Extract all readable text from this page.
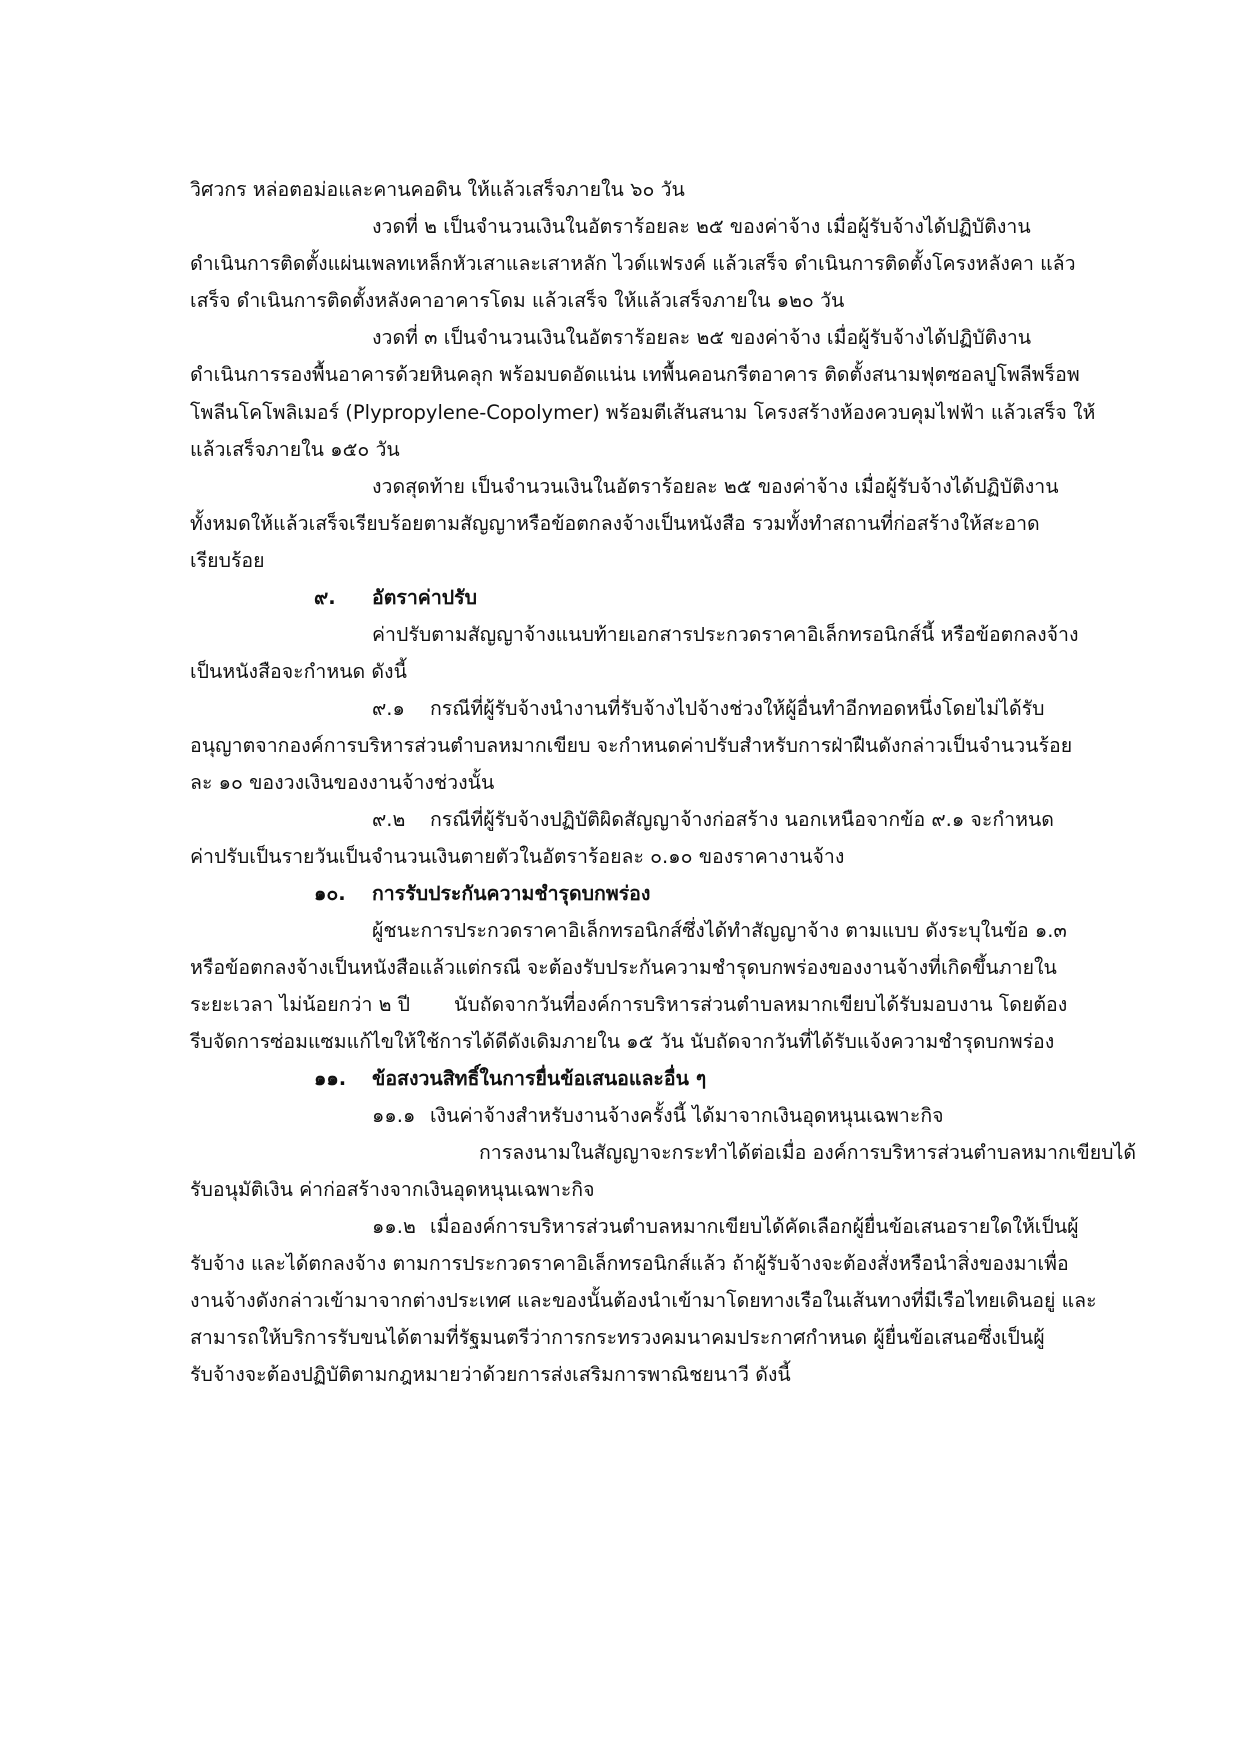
วิศวกร หล่อตอม่อและคานคอดิน ให้แล้วเสร็จภายใน ๖๐ วัน
งวดที่ ๒ เป็นจำนวนเงินในอัตราร้อยละ ๒๕ ของค่าจ้าง เมื่อผู้รับจ้างได้ปฏิบัติงาน
ดำเนินการติดตั้งแผ่นเพลทเหล็กหัวเสาและเสาหลัก ไวด์แฟรงค์ แล้วเสร็จ ดำเนินการติดตั้งโครงหลังคา แล้ว
เสร็จ ดำเนินการติดตั้งหลังคาอาคารโดม แล้วเสร็จ ให้แล้วเสร็จภายใน ๑๒๐ วัน
งวดที่ ๓ เป็นจำนวนเงินในอัตราร้อยละ ๒๕ ของค่าจ้าง เมื่อผู้รับจ้างได้ปฏิบัติงาน
ดำเนินการรองพื้นอาคารด้วยหินคลุก พร้อมบดอัดแน่น เทพื้นคอนกรีตอาคาร ติดตั้งสนามฟุตซอลปูโพลีพร็อพ
โพลีนโคโพลิเมอร์ (Plypropylene-Copolymer) พร้อมตีเส้นสนาม โครงสร้างห้องควบคุมไฟฟ้า แล้วเสร็จ ให้
แล้วเสร็จภายใน ๑๕๐ วัน
งวดสุดท้าย เป็นจำนวนเงินในอัตราร้อยละ ๒๕ ของค่าจ้าง เมื่อผู้รับจ้างได้ปฏิบัติงาน
ทั้งหมดให้แล้วเสร็จเรียบร้อยตามสัญญาหรือข้อตกลงจ้างเป็นหนังสือ รวมทั้งทำสถานที่ก่อสร้างให้สะอาด
เรียบร้อย
๙. อัตราค่าปรับ
ค่าปรับตามสัญญาจ้างแนบท้ายเอกสารประกวดราคาอิเล็กทรอนิกส์นี้ หรือข้อตกลงจ้าง
เป็นหนังสือจะกำหนด ดังนี้
๙.๑ กรณีที่ผู้รับจ้างนำงานที่รับจ้างไปจ้างช่วงให้ผู้อื่นทำอีกทอดหนึ่งโดยไม่ได้รับ
อนุญาตจากองค์การบริหารส่วนตำบลหมากเขียบ จะกำหนดค่าปรับสำหรับการฝ่าฝืนดังกล่าวเป็นจำนวนร้อย
ละ ๑๐ ของวงเงินของงานจ้างช่วงนั้น
๙.๒ กรณีที่ผู้รับจ้างปฏิบัติผิดสัญญาจ้างก่อสร้าง นอกเหนือจากข้อ ๙.๑ จะกำหนด
ค่าปรับเป็นรายวันเป็นจำนวนเงินตายตัวในอัตราร้อยละ ๐.๑๐ ของราคางานจ้าง
๑๐. การรับประกันความชำรุดบกพร่อง
ผู้ชนะการประกวดราคาอิเล็กทรอนิกส์ซึ่งได้ทำสัญญาจ้าง ตามแบบ ดังระบุในข้อ ๑.๓
หรือข้อตกลงจ้างเป็นหนังสือแล้วแต่กรณี จะต้องรับประกันความชำรุดบกพร่องของงานจ้างที่เกิดขึ้นภายใน
ระยะเวลา ไม่น้อยกว่า ๒ ปี นับถัดจากวันที่องค์การบริหารส่วนตำบลหมากเขียบได้รับมอบงาน โดยต้อง
รีบจัดการซ่อมแซมแก้ไขให้ใช้การได้ดีดังเดิมภายใน ๑๕ วัน นับถัดจากวันที่ได้รับแจ้งความชำรุดบกพร่อง
๑๑. ข้อสงวนสิทธิ์ในการยื่นข้อเสนอและอื่น ๆ
๑๑.๑ เงินค่าจ้างสำหรับงานจ้างครั้งนี้ ได้มาจากเงินอุดหนุนเฉพาะกิจ
การลงนามในสัญญาจะกระทำได้ต่อเมื่อ องค์การบริหารส่วนตำบลหมากเขียบได้
รับอนุมัติเงิน ค่าก่อสร้างจากเงินอุดหนุนเฉพาะกิจ
๑๑.๒ เมื่อองค์การบริหารส่วนตำบลหมากเขียบได้คัดเลือกผู้ยื่นข้อเสนอรายใดให้เป็นผู้
รับจ้าง และได้ตกลงจ้าง ตามการประกวดราคาอิเล็กทรอนิกส์แล้ว ถ้าผู้รับจ้างจะต้องสั่งหรือนำสิ่งของมาเพื่อ
งานจ้างดังกล่าวเข้ามาจากต่างประเทศ และของนั้นต้องนำเข้ามาโดยทางเรือในเส้นทางที่มีเรือไทยเดินอยู่ และ
สามารถให้บริการรับขนได้ตามที่รัฐมนตรีว่าการกระทรวงคมนาคมประกาศกำหนด ผู้ยื่นข้อเสนอซึ่งเป็นผู้
รับจ้างจะต้องปฏิบัติตามกฎหมายว่าด้วยการส่งเสริมการพาณิชยนาวี ดังนี้
